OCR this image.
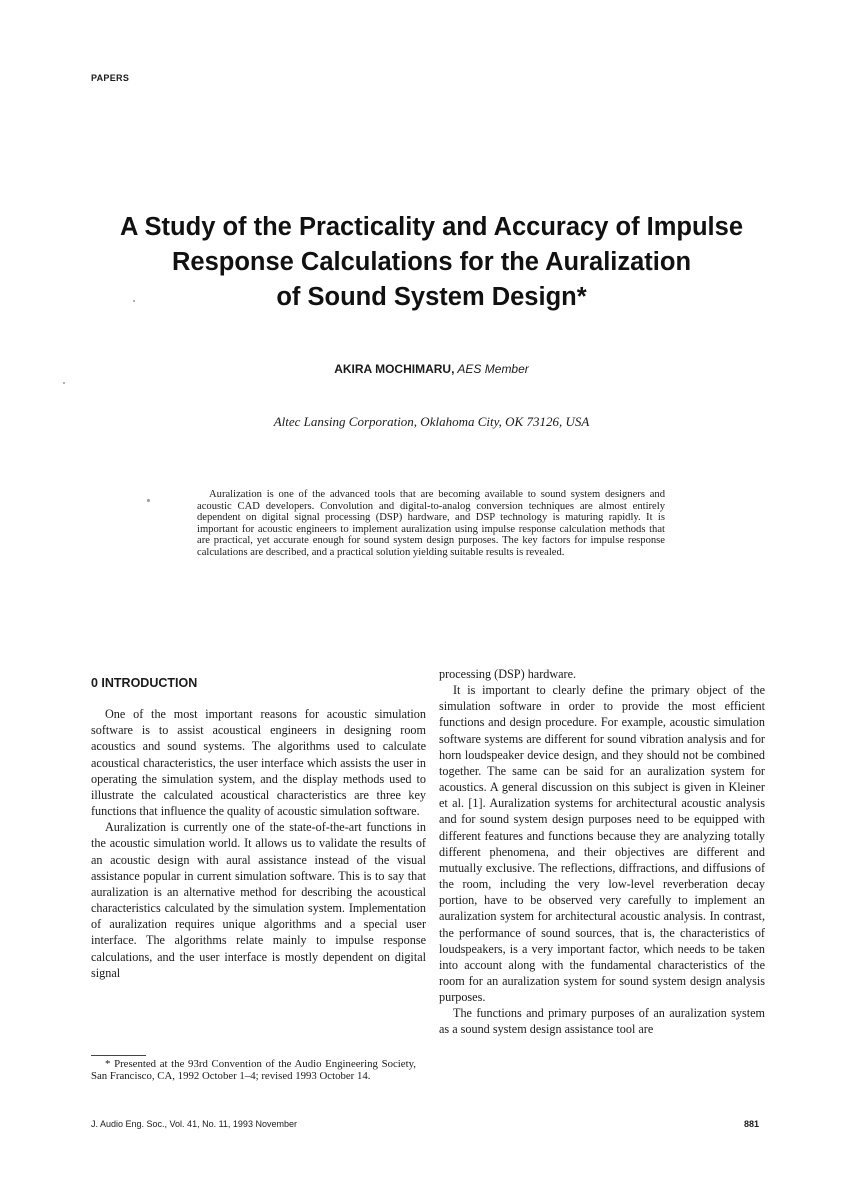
PAPERS
A Study of the Practicality and Accuracy of Impulse
Response Calculations for the Auralization
of Sound System Design*
AKIRA MOCHIMARU, AES Member
Altec Lansing Corporation, Oklahoma City, OK 73126, USA

Auralization is one of the advanced tools that are becoming available to sound system designers and acoustic CAD developers. Convolution and digital-to-analog conversion techniques are almost entirely dependent on digital signal processing (DSP) hardware, and DSP technology is maturing rapidly. It is important for acoustic engineers to implement auralization using impulse response calculation methods that are practical, yet accurate enough for sound system design purposes. The key factors for impulse response calculations are described, and a practical solution yielding suitable results is revealed.

0 INTRODUCTION

One of the most important reasons for acoustic simulation software is to assist acoustical engineers in designing room acoustics and sound systems. The algorithms used to calculate acoustical characteristics, the user interface which assists the user in operating the simulation system, and the display methods used to illustrate the calculated acoustical characteristics are three key functions that influence the quality of acoustic simulation software.

Auralization is currently one of the state-of-the-art functions in the acoustic simulation world. It allows us to validate the results of an acoustic design with aural assistance instead of the visual assistance popular in current simulation software. This is to say that auralization is an alternative method for describing the acoustical characteristics calculated by the simulation system. Implementation of auralization requires unique algorithms and a special user interface. The algorithms relate mainly to impulse response calculations, and the user interface is mostly dependent on digital signal

processing (DSP) hardware.

It is important to clearly define the primary object of the simulation software in order to provide the most efficient functions and design procedure. For example, acoustic simulation software systems are different for sound vibration analysis and for horn loudspeaker device design, and they should not be combined together. The same can be said for an auralization system for acoustics. A general discussion on this subject is given in Kleiner et al. [1]. Auralization systems for architectural acoustic analysis and for sound system design purposes need to be equipped with different features and functions because they are analyzing totally different phenomena, and their objectives are different and mutually exclusive. The reflections, diffractions, and diffusions of the room, including the very low-level reverberation decay portion, have to be observed very carefully to implement an auralization system for architectural acoustic analysis. In contrast, the performance of sound sources, that is, the characteristics of loudspeakers, is a very important factor, which needs to be taken into account along with the fundamental characteristics of the room for an auralization system for sound system design analysis purposes.

The functions and primary purposes of an auralization system as a sound system design assistance tool are

* Presented at the 93rd Convention of the Audio Engineering Society, San Francisco, CA, 1992 October 1–4; revised 1993 October 14.

J. Audio Eng. Soc., Vol. 41, No. 11, 1993 November	881
